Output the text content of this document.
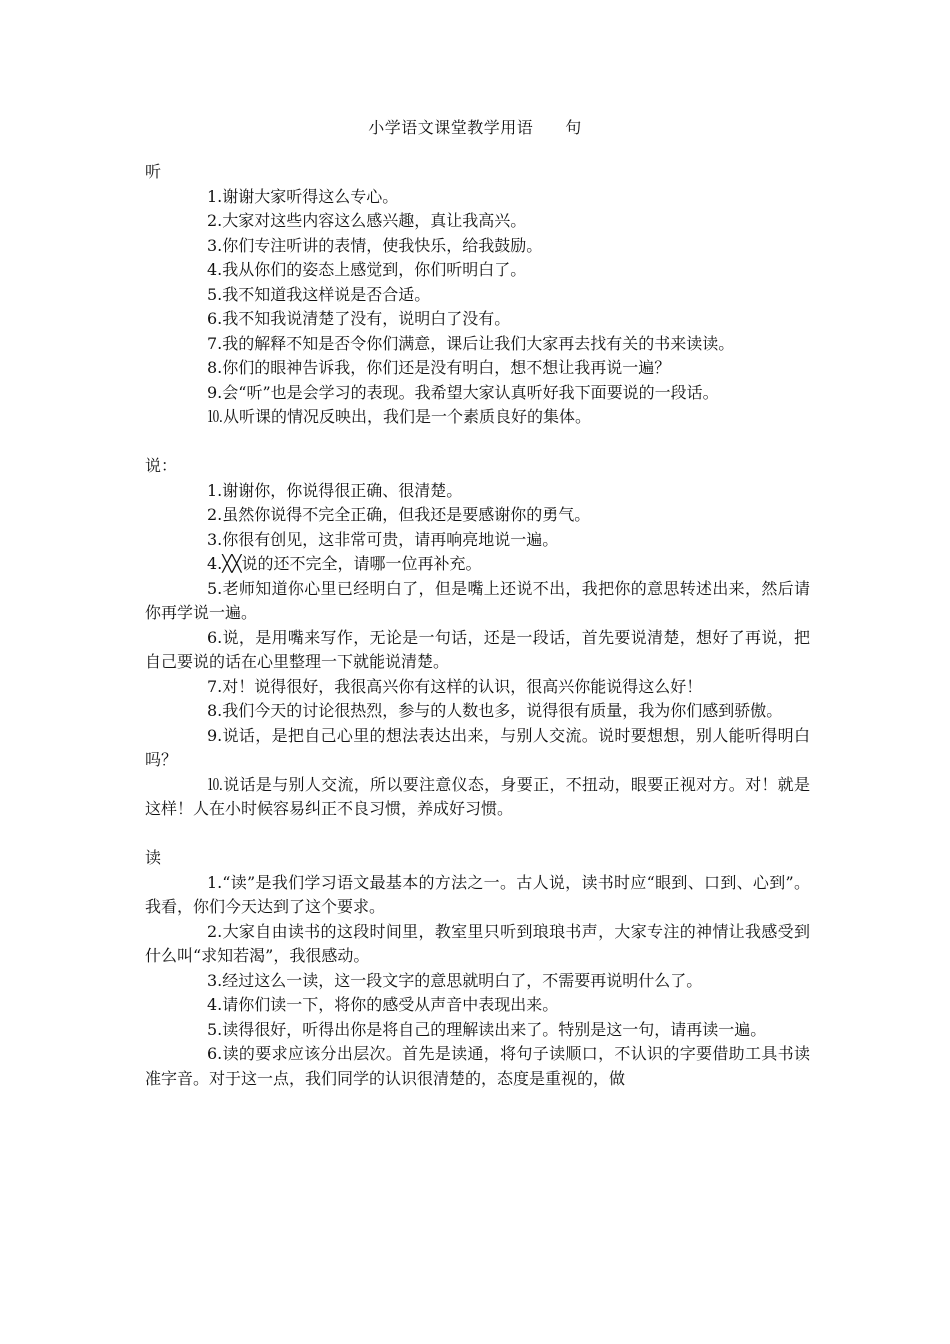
小学语文课堂教学用语 句

听

1.谢谢大家听得这么专心。

2.大家对这些内容这么感兴趣，真让我高兴。

3.你们专注听讲的表情，使我快乐，给我鼓励。

4.我从你们的姿态上感觉到，你们听明白了。

5.我不知道我这样说是否合适。

6.我不知我说清楚了没有，说明白了没有。

7.我的解释不知是否令你们满意，课后让我们大家再去找有关的书来读读。

8.你们的眼神告诉我，你们还是没有明白，想不想让我再说一遍？

9.会“听”也是会学习的表现。我希望大家认真听好我下面要说的一段话。

⒑从听课的情况反映出，我们是一个素质良好的集体。

说：

1.谢谢你，你说得很正确、很清楚。

2.虽然你说得不完全正确，但我还是要感谢你的勇气。

3.你很有创见，这非常可贵，请再响亮地说一遍。

4.╳╳说的还不完全，请哪一位再补充。

5.老师知道你心里已经明白了，但是嘴上还说不出，我把你的意思转述出来，然后请你再学说一遍。

6.说，是用嘴来写作，无论是一句话，还是一段话，首先要说清楚，想好了再说，把自己要说的话在心里整理一下就能说清楚。

7.对！说得很好，我很高兴你有这样的认识，很高兴你能说得这么好！

8.我们今天的讨论很热烈，参与的人数也多，说得很有质量，我为你们感到骄傲。

9.说话，是把自己心里的想法表达出来，与别人交流。说时要想想，别人能听得明白吗？

⒑说话是与别人交流，所以要注意仪态，身要正，不扭动，眼要正视对方。对！就是这样！人在小时候容易纠正不良习惯，养成好习惯。

读

1.“读”是我们学习语文最基本的方法之一。古人说，读书时应“眼到、口到、心到”。我看，你们今天达到了这个要求。

2.大家自由读书的这段时间里，教室里只听到琅琅书声，大家专注的神情让我感受到什么叫“求知若渴”，我很感动。

3.经过这么一读，这一段文字的意思就明白了，不需要再说明什么了。

4.请你们读一下，将你的感受从声音中表现出来。

5.读得很好，听得出你是将自己的理解读出来了。特别是这一句，请再读一遍。

6.读的要求应该分出层次。首先是读通，将句子读顺口，不认识的字要借助工具书读准字音。对于这一点，我们同学的认识很清楚的，态度是重视的，做
